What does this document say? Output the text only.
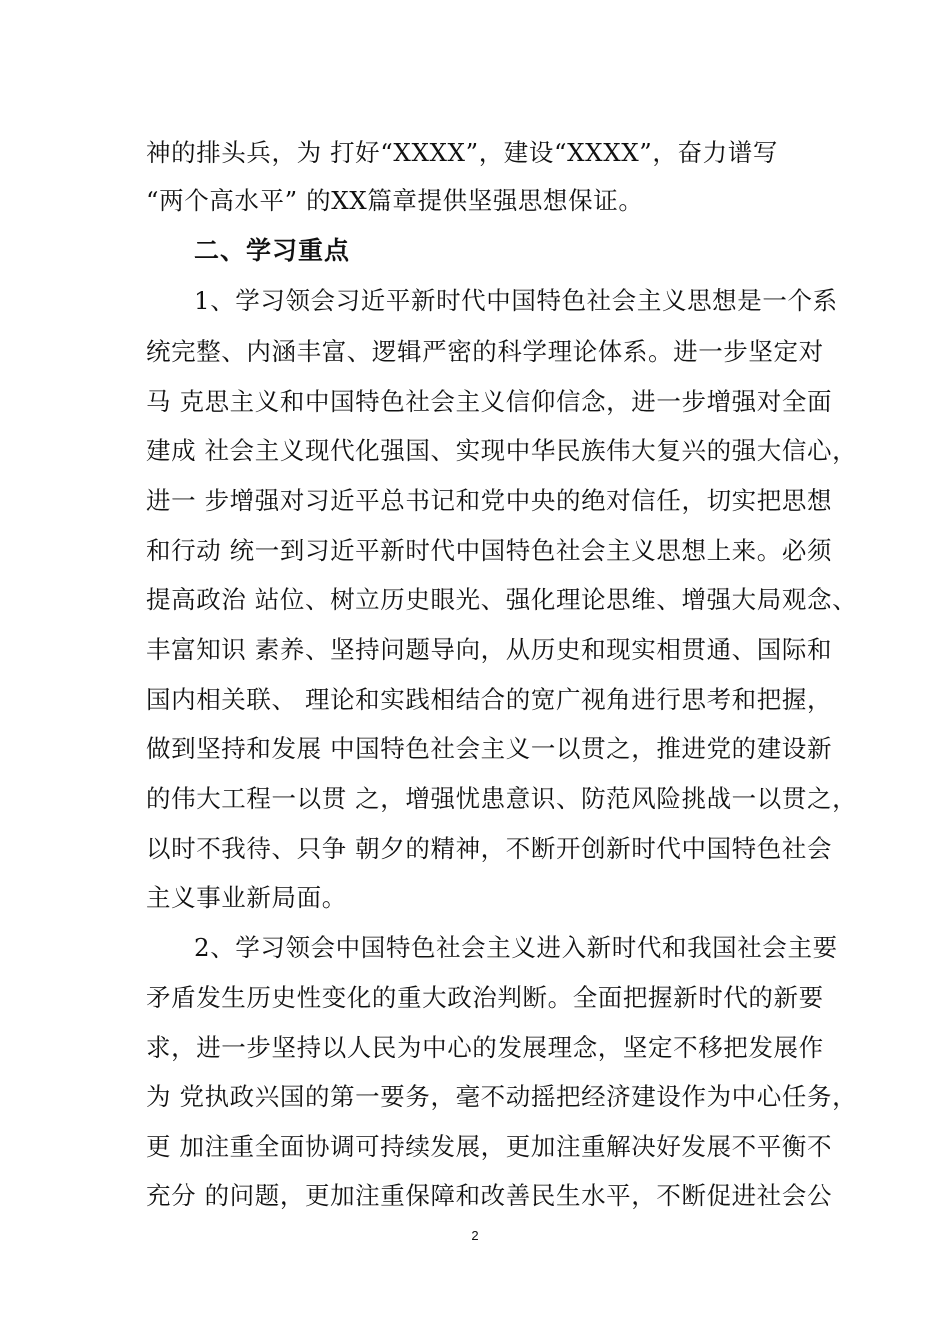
神的排头兵，为 打好“XXXX”，建设“XXXX”，奋力谱写
“两个高水平” 的XX篇章提供坚强思想保证。
二、学习重点
1、学习领会习近平新时代中国特色社会主义思想是一个系
统完整、内涵丰富、逻辑严密的科学理论体系。进一步坚定对
马 克思主义和中国特色社会主义信仰信念，进一步增强对全面
建成 社会主义现代化强国、实现中华民族伟大复兴的强大信心，
进一 步增强对习近平总书记和党中央的绝对信任，切实把思想
和行动 统一到习近平新时代中国特色社会主义思想上来。必须
提高政治 站位、树立历史眼光、强化理论思维、增强大局观念、
丰富知识 素养、坚持问题导向，从历史和现实相贯通、国际和
国内相关联、 理论和实践相结合的宽广视角进行思考和把握，
做到坚持和发展 中国特色社会主义一以贯之，推进党的建设新
的伟大工程一以贯 之，增强忧患意识、防范风险挑战一以贯之，
以时不我待、只争 朝夕的精神，不断开创新时代中国特色社会
主义事业新局面。
2、学习领会中国特色社会主义进入新时代和我国社会主要
矛盾发生历史性变化的重大政治判断。全面把握新时代的新要
求，进一步坚持以人民为中心的发展理念，坚定不移把发展作
为 党执政兴国的第一要务，毫不动摇把经济建设作为中心任务，
更 加注重全面协调可持续发展，更加注重解决好发展不平衡不
充分 的问题，更加注重保障和改善民生水平，不断促进社会公
2
